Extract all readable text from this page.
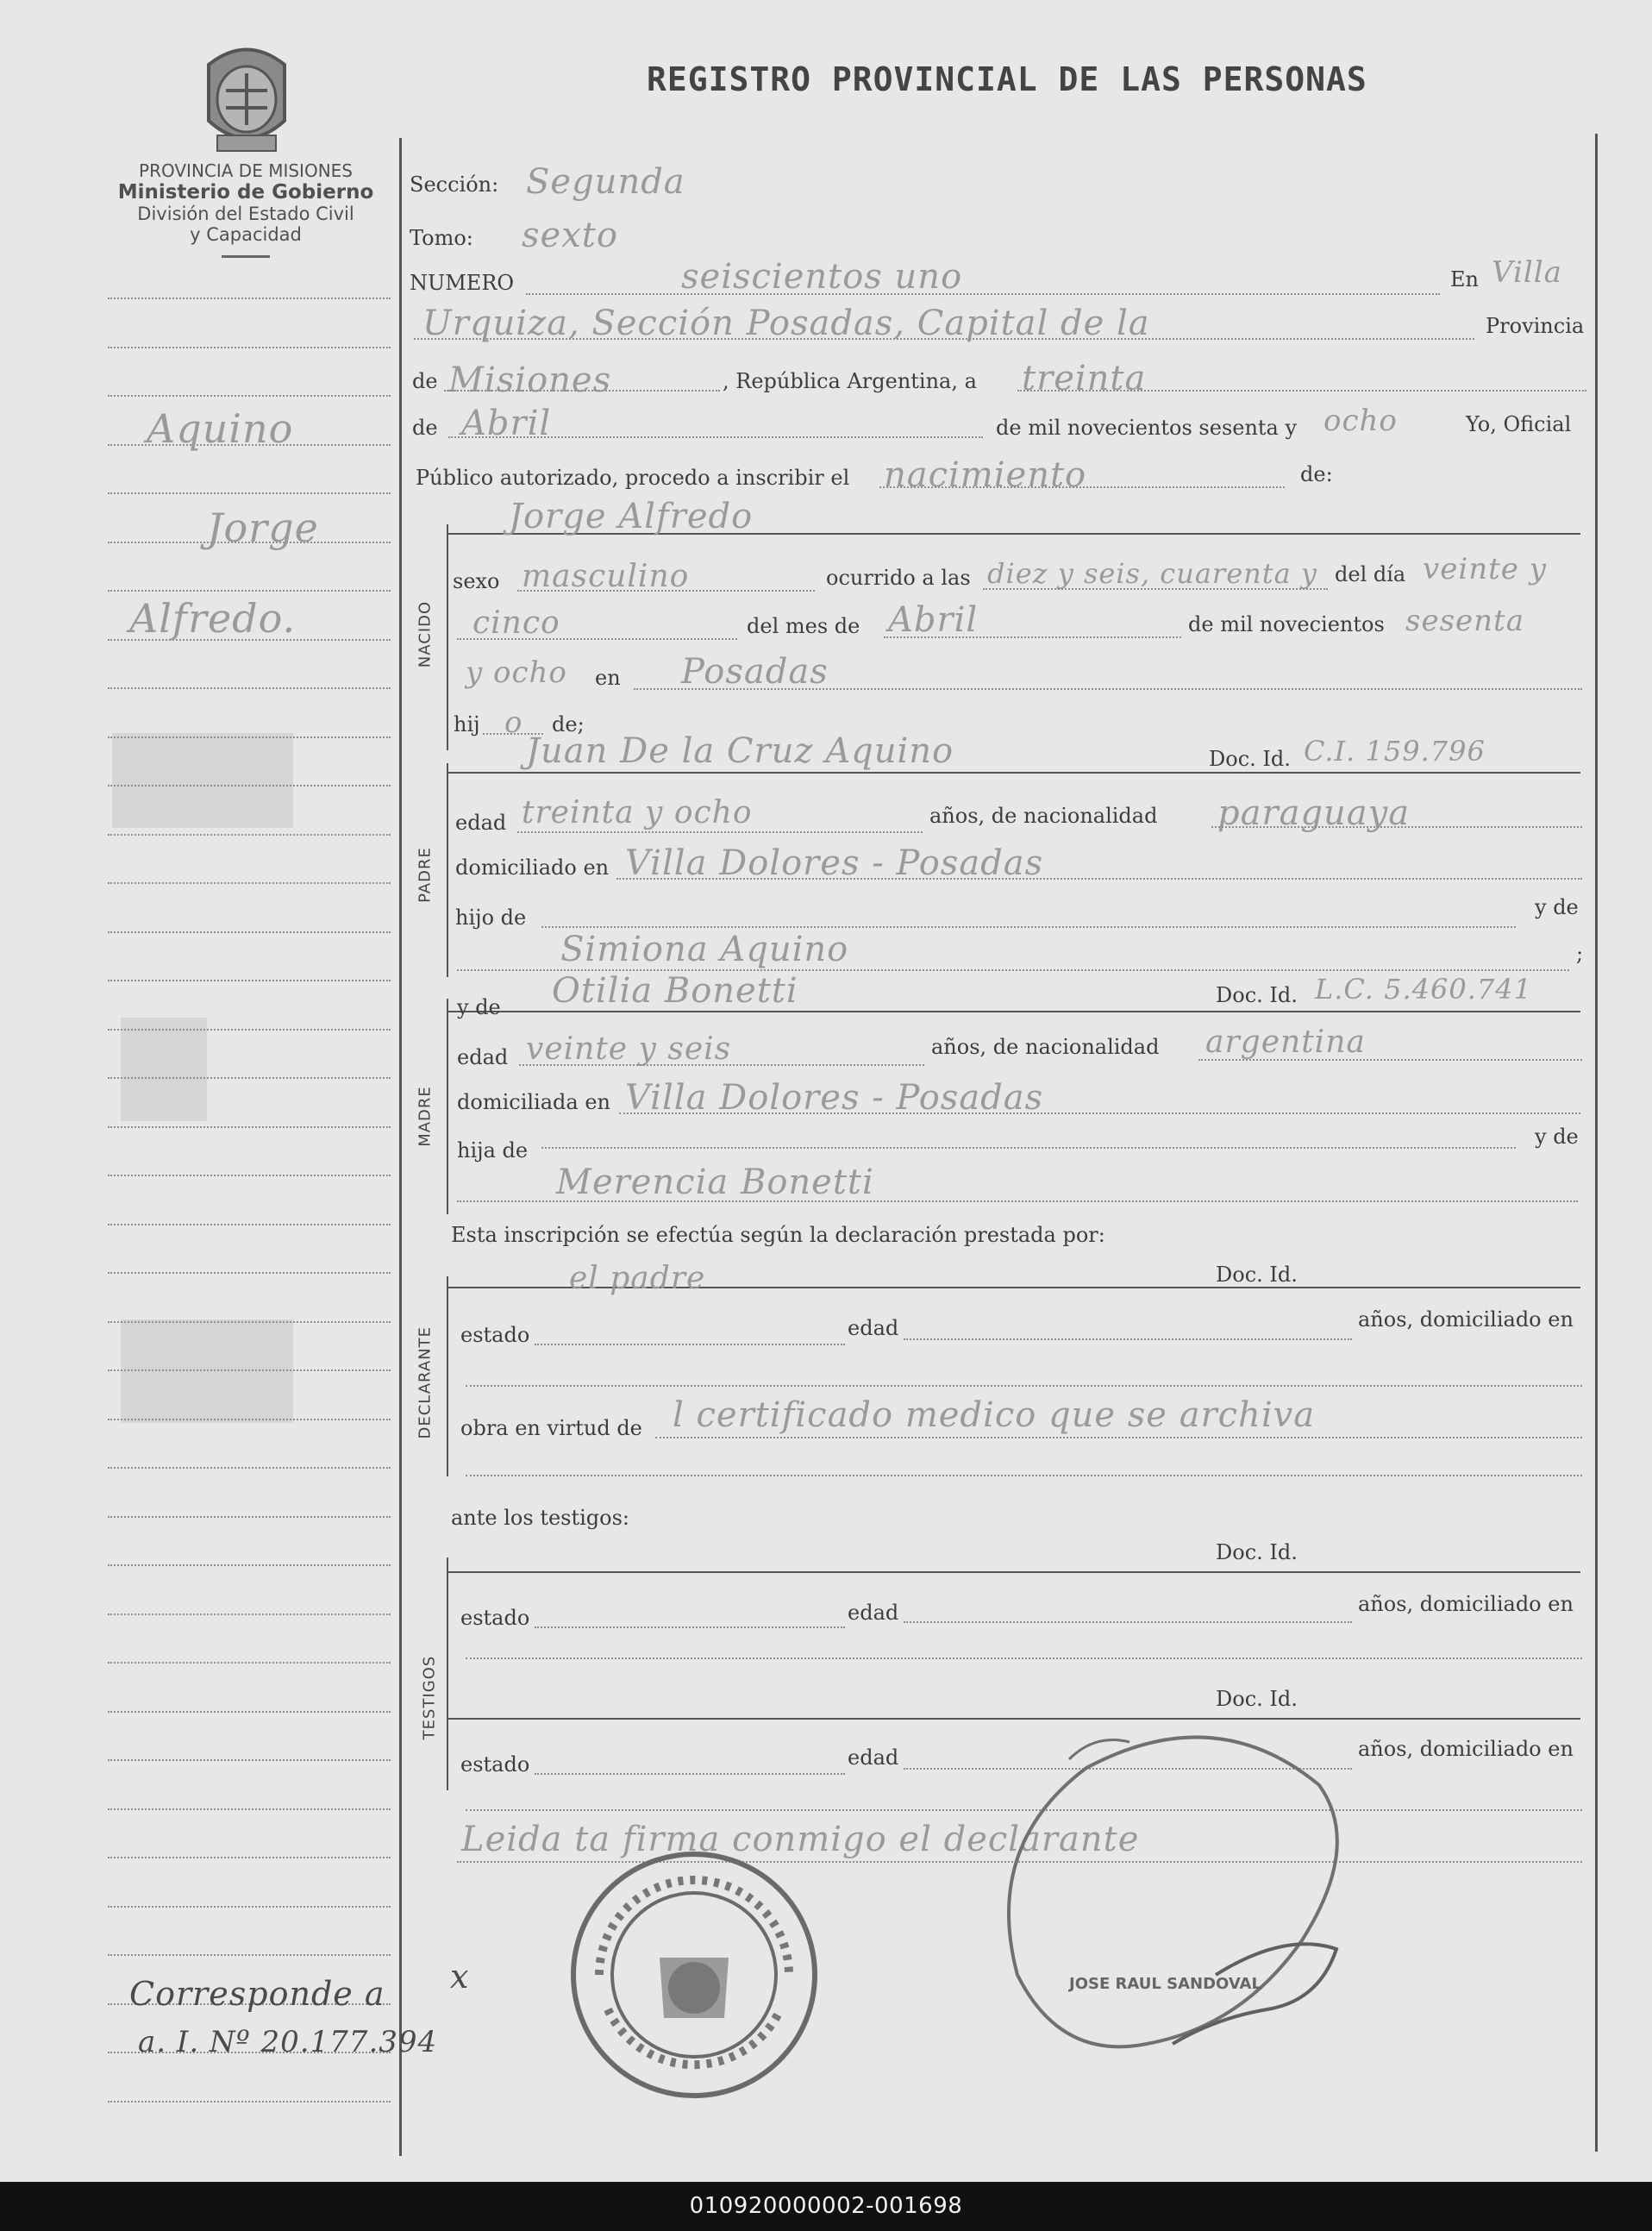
PROVINCIA DE MISIONES
Ministerio de Gobierno
División del Estado Civil
y Capacidad
REGISTRO PROVINCIAL DE LAS PERSONAS
Aquino
Jorge
Alfredo.
Corresponde a
a. I. Nº 20.177.394
Sección: Segunda
Tomo: sexto
NUMERO	seiscientos uno	En Villa
Urquiza, Sección Posadas, Capital de la	Provincia
de Misiones	, República Argentina, a treinta
de Abril	de mil novecientos sesenta y ocho	Yo, Oficial
Público autorizado, procedo a inscribir el nacimiento	de:
NACIDO
Jorge Alfredo
sexo masculino	ocurrido a las diez y seis, cuarenta y del día veinte y
cinco	del mes de Abril	de mil novecientos sesenta
y ocho en Posadas
hij o de;
PADRE
Juan De la Cruz Aquino	Doc. Id. C.I. 159.796
edad treinta y ocho	años, de nacionalidad paraguaya
domiciliado en Villa Dolores - Posadas
hijo de	y de
Simiona Aquino	;
MADRE
y de Otilia Bonetti	Doc. Id. L.C. 5.460.741
edad veinte y seis	años, de nacionalidad argentina
domiciliada en Villa Dolores - Posadas
hija de
y de
Merencia Bonetti
Esta inscripción se efectúa según la declaración prestada por:
DECLARANTE
Doc. Id.
el padre
estado	edad	años, domiciliado en
obra en virtud de l certificado medico que se archiva
ante los testigos:
TESTIGOS
Doc. Id.
estado	edad	años, domiciliado en
Doc. Id.
estado	edad	años, domiciliado en
Leida ta firma conmigo el declarante
x	JOSE RAUL SANDOVAL
010920000002-001698
